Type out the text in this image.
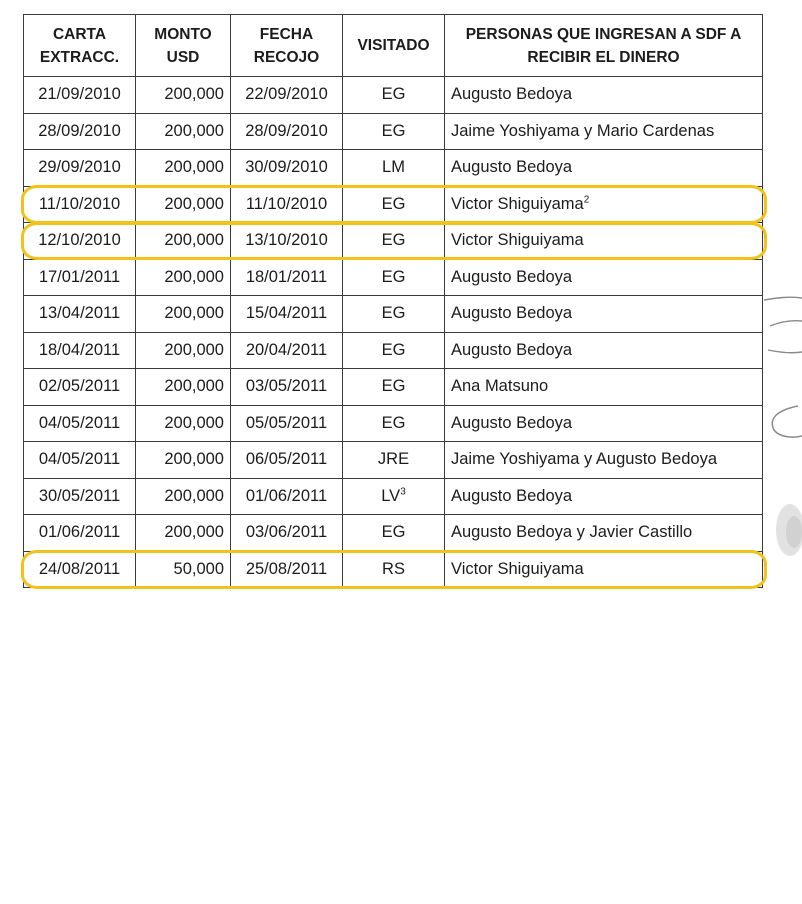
CARTA EXTRACC.	MONTO USD	FECHA RECOJO	VISITADO	PERSONAS QUE INGRESAN A SDF A RECIBIR EL DINERO
21/09/2010	200,000	22/09/2010	EG	Augusto Bedoya
28/09/2010	200,000	28/09/2010	EG	Jaime Yoshiyama y Mario Cardenas
29/09/2010	200,000	30/09/2010	LM	Augusto Bedoya
11/10/2010	200,000	11/10/2010	EG	Victor Shiguiyama$^2$
12/10/2010	200,000	13/10/2010	EG	Victor Shiguiyama
17/01/2011	200,000	18/01/2011	EG	Augusto Bedoya
13/04/2011	200,000	15/04/2011	EG	Augusto Bedoya
18/04/2011	200,000	20/04/2011	EG	Augusto Bedoya
02/05/2011	200,000	03/05/2011	EG	Ana Matsuno
04/05/2011	200,000	05/05/2011	EG	Augusto Bedoya
04/05/2011	200,000	06/05/2011	JRE	Jaime Yoshiyama y Augusto Bedoya
30/05/2011	200,000	01/06/2011	LV$^3$	Augusto Bedoya
01/06/2011	200,000	03/06/2011	EG	Augusto Bedoya y Javier Castillo
24/08/2011	50,000	25/08/2011	RS	Victor Shiguiyama
